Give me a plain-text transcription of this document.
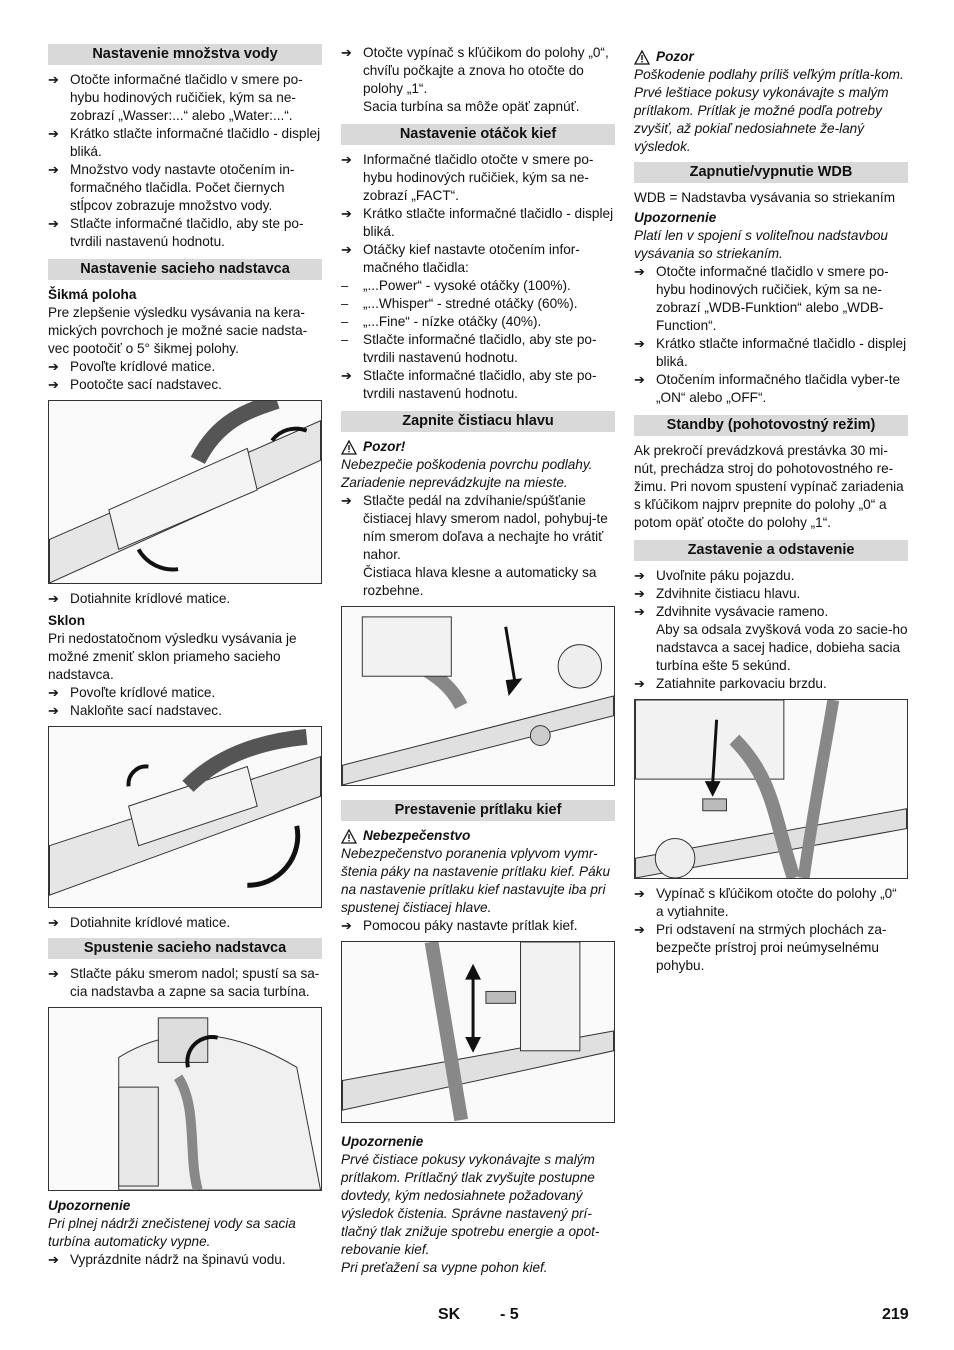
Nastavenie množstva vody
➔ Otočte informačné tlačidlo v smere po-hybu hodinových ručičiek, kým sa ne-zobrazí „Wasser:...“ alebo „Water:...“.
➔ Krátko stlačte informačné tlačidlo - displej bliká.
➔ Množstvo vody nastavte otočením in-formačného tlačidla. Počet čiernych stĺpcov zobrazuje množstvo vody.
➔ Stlačte informačné tlačidlo, aby ste po-tvrdili nastavenú hodnotu.
Nastavenie sacieho nadstavca
Šikmá poloha

Pre zlepšenie výsledku vysávania na kera-mických povrchoch je možné sacie nadsta-vec pootočiť o 5° šikmej polohy.

➔ Povoľte krídlové matice.
➔ Pootočte sací nadstavec.
➔ Dotiahnite krídlové matice.
Sklon

Pri nedostatočnom výsledku vysávania je možné zmeniť sklon priameho sacieho nadstavca.

➔ Povoľte krídlové matice.
➔ Nakloňte sací nadstavec.
➔ Dotiahnite krídlové matice.
Spustenie sacieho nadstavca
➔ Stlačte páku smerom nadol; spustí sa sa-cia nadstavba a zapne sa sacia turbína.
Upozornenie

Pri plnej nádrži znečistenej vody sa sacia turbína automaticky vypne.

➔ Vyprázdnite nádrž na špinavú vodu.
➔ Otočte vypínač s kľúčikom do polohy „0“, chvíľu počkajte a znova ho otočte do polohy „1“.

Sacia turbína sa môže opäť zapnúť.

Nastavenie otáčok kief
➔ Informačné tlačidlo otočte v smere po-hybu hodinových ručičiek, kým sa ne-zobrazí „FACT“.
➔ Krátko stlačte informačné tlačidlo - displej bliká.
➔ Otáčky kief nastavte otočením infor-mačného tlačidla:
–	„...Power“ - vysoké otáčky (100%).
–	„...Whisper“ - stredné otáčky (60%).
–	„...Fine“ - nízke otáčky (40%).
–	Stlačte informačné tlačidlo, aby ste po-tvrdili nastavenú hodnotu.
➔ Stlačte informačné tlačidlo, aby ste po-tvrdili nastavenú hodnotu.
Zapnite čistiacu hlavu
Pozor!

Nebezpečie poškodenia povrchu podlahy. Zariadenie neprevádzkujte na mieste.

➔ Stlačte pedál na zdvíhanie/spúšťanie čistiacej hlavy smerom nadol, pohybuj-te ním smerom doľava a nechajte ho vrátiť nahor.

Čistiaca hlava klesne a automaticky sa rozbehne.

Prestavenie prítlaku kief
Nebezpečenstvo

Nebezpečenstvo poranenia vplyvom vymr-štenia páky na nastavenie prítlaku kief. Páku na nastavenie prítlaku kief nastavujte iba pri spustenej čistiacej hlave.

➔ Pomocou páky nastavte prítlak kief.
Upozornenie

Prvé čistiace pokusy vykonávajte s malým prítlakom. Prítlačný tlak zvyšujte postupne dovtedy, kým nedosiahnete požadovaný výsledok čistenia. Správne nastavený prí-tlačný tlak znižuje spotrebu energie a opot-rebovanie kief.

Pri preťažení sa vypne pohon kief.

Pozor

Poškodenie podlahy príliš veľkým prítla-kom. Prvé leštiace pokusy vykonávajte s malým prítlakom. Prítlak je možné podľa potreby zvyšiť, až pokiaľ nedosiahnete že-laný výsledok.

Zapnutie/vypnutie WDB

WDB = Nadstavba vysávania so striekaním

Upozornenie

Platí len v spojení s voliteľnou nadstavbou vysávania so striekaním.

➔ Otočte informačné tlačidlo v smere po-hybu hodinových ručičiek, kým sa ne-zobrazí „WDB-Funktion“ alebo „WDB-Function“.
➔ Krátko stlačte informačné tlačidlo - displej bliká.
➔ Otočením informačného tlačidla vyber-te „ON“ alebo „OFF“.
Standby (pohotovostný režim)

Ak prekročí prevádzková prestávka 30 mi-nút, prechádza stroj do pohotovostného re-žimu. Pri novom spustení vypínač zariadenia s kľúčikom najprv prepnite do polohy „0“ a potom opäť otočte do polohy „1“.

Zastavenie a odstavenie
➔ Uvoľnite páku pojazdu.
➔ Zdvihnite čistiacu hlavu.
➔ Zdvihnite vysávacie rameno.

Aby sa odsala zvyšková voda zo sacie-ho nadstavca a sacej hadice, dobieha sacia turbína ešte 5 sekúnd.

➔ Zatiahnite parkovaciu brzdu.
➔ Vypínač s kľúčikom otočte do polohy „0“ a vytiahnite.
➔ Pri odstavení na strmých plochách za-bezpečte prístroj proi neúmyselnému pohybu.
SK - 5	219
